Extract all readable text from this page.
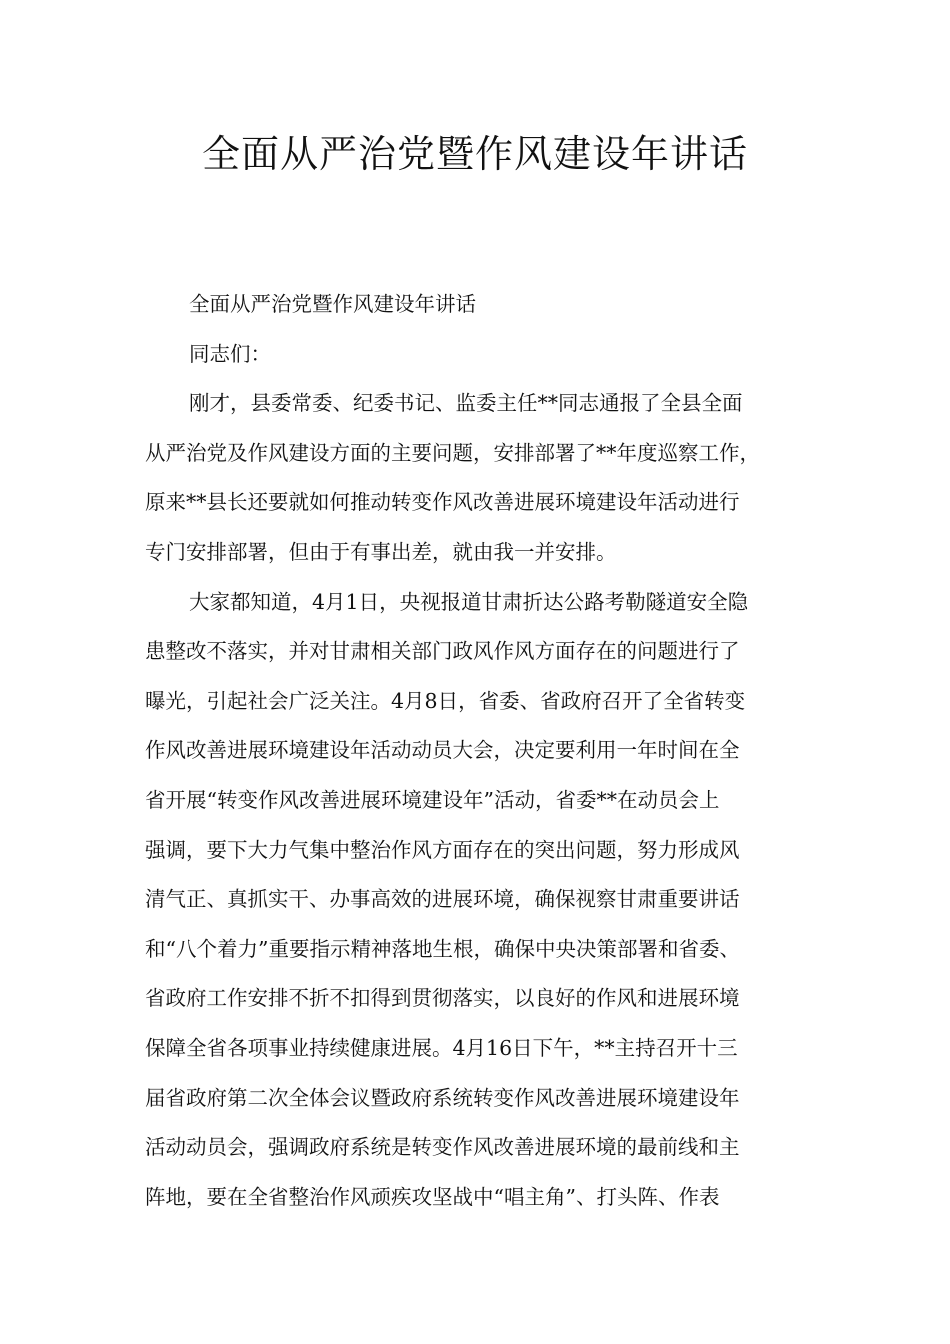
全面从严治党暨作风建设年讲话
全面从严治党暨作风建设年讲话
同志们：
刚才，县委常委、纪委书记、监委主任**同志通报了全县全面
从严治党及作风建设方面的主要问题，安排部署了**年度巡察工作，
原来**县长还要就如何推动转变作风改善进展环境建设年活动进行
专门安排部署，但由于有事出差，就由我一并安排。
大家都知道，4月1日，央视报道甘肃折达公路考勒隧道安全隐
患整改不落实，并对甘肃相关部门政风作风方面存在的问题进行了
曝光，引起社会广泛关注。4月8日，省委、省政府召开了全省转变
作风改善进展环境建设年活动动员大会，决定要利用一年时间在全
省开展“转变作风改善进展环境建设年”活动，省委**在动员会上
强调，要下大力气集中整治作风方面存在的突出问题，努力形成风
清气正、真抓实干、办事高效的进展环境，确保视察甘肃重要讲话
和“八个着力”重要指示精神落地生根，确保中央决策部署和省委、
省政府工作安排不折不扣得到贯彻落实，以良好的作风和进展环境
保障全省各项事业持续健康进展。4月16日下午，**主持召开十三
届省政府第二次全体会议暨政府系统转变作风改善进展环境建设年
活动动员会，强调政府系统是转变作风改善进展环境的最前线和主
阵地，要在全省整治作风顽疾攻坚战中“唱主角”、打头阵、作表
